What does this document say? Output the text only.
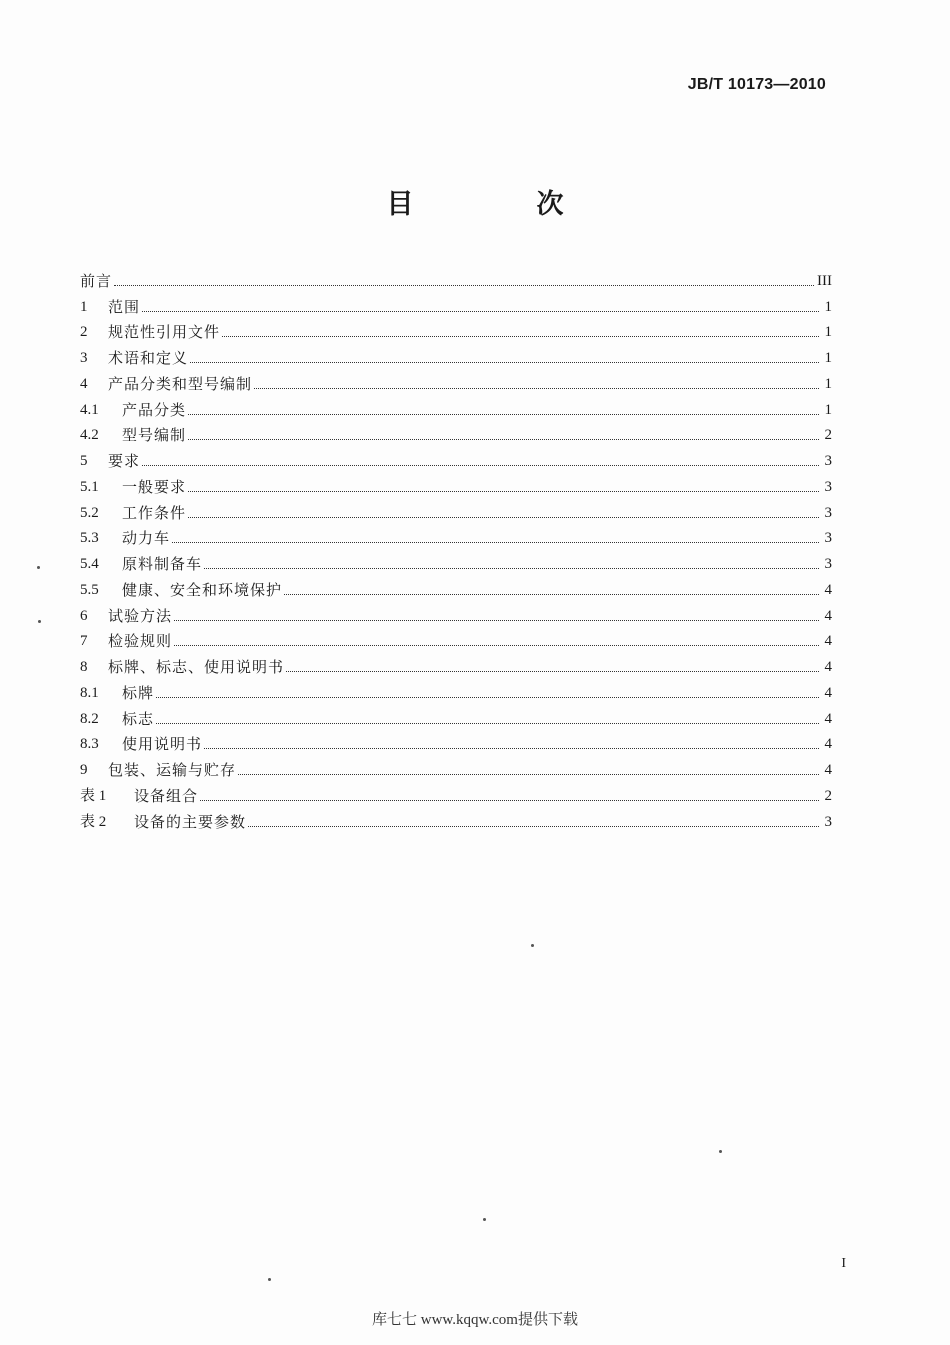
JB/T 10173—2010
目　次
前言	III
1	范围	1
2	规范性引用文件	1
3	术语和定义	1
4	产品分类和型号编制	1
4.1	产品分类	1
4.2	型号编制	2
5	要求	3
5.1	一般要求	3
5.2	工作条件	3
5.3	动力车	3
5.4	原料制备车	3
5.5	健康、安全和环境保护	4
6	试验方法	4
7	检验规则	4
8	标牌、标志、使用说明书	4
8.1	标牌	4
8.2	标志	4
8.3	使用说明书	4
9	包装、运输与贮存	4
表 1	设备组合	2
表 2	设备的主要参数	3
I
库七七 www.kqqw.com提供下载
